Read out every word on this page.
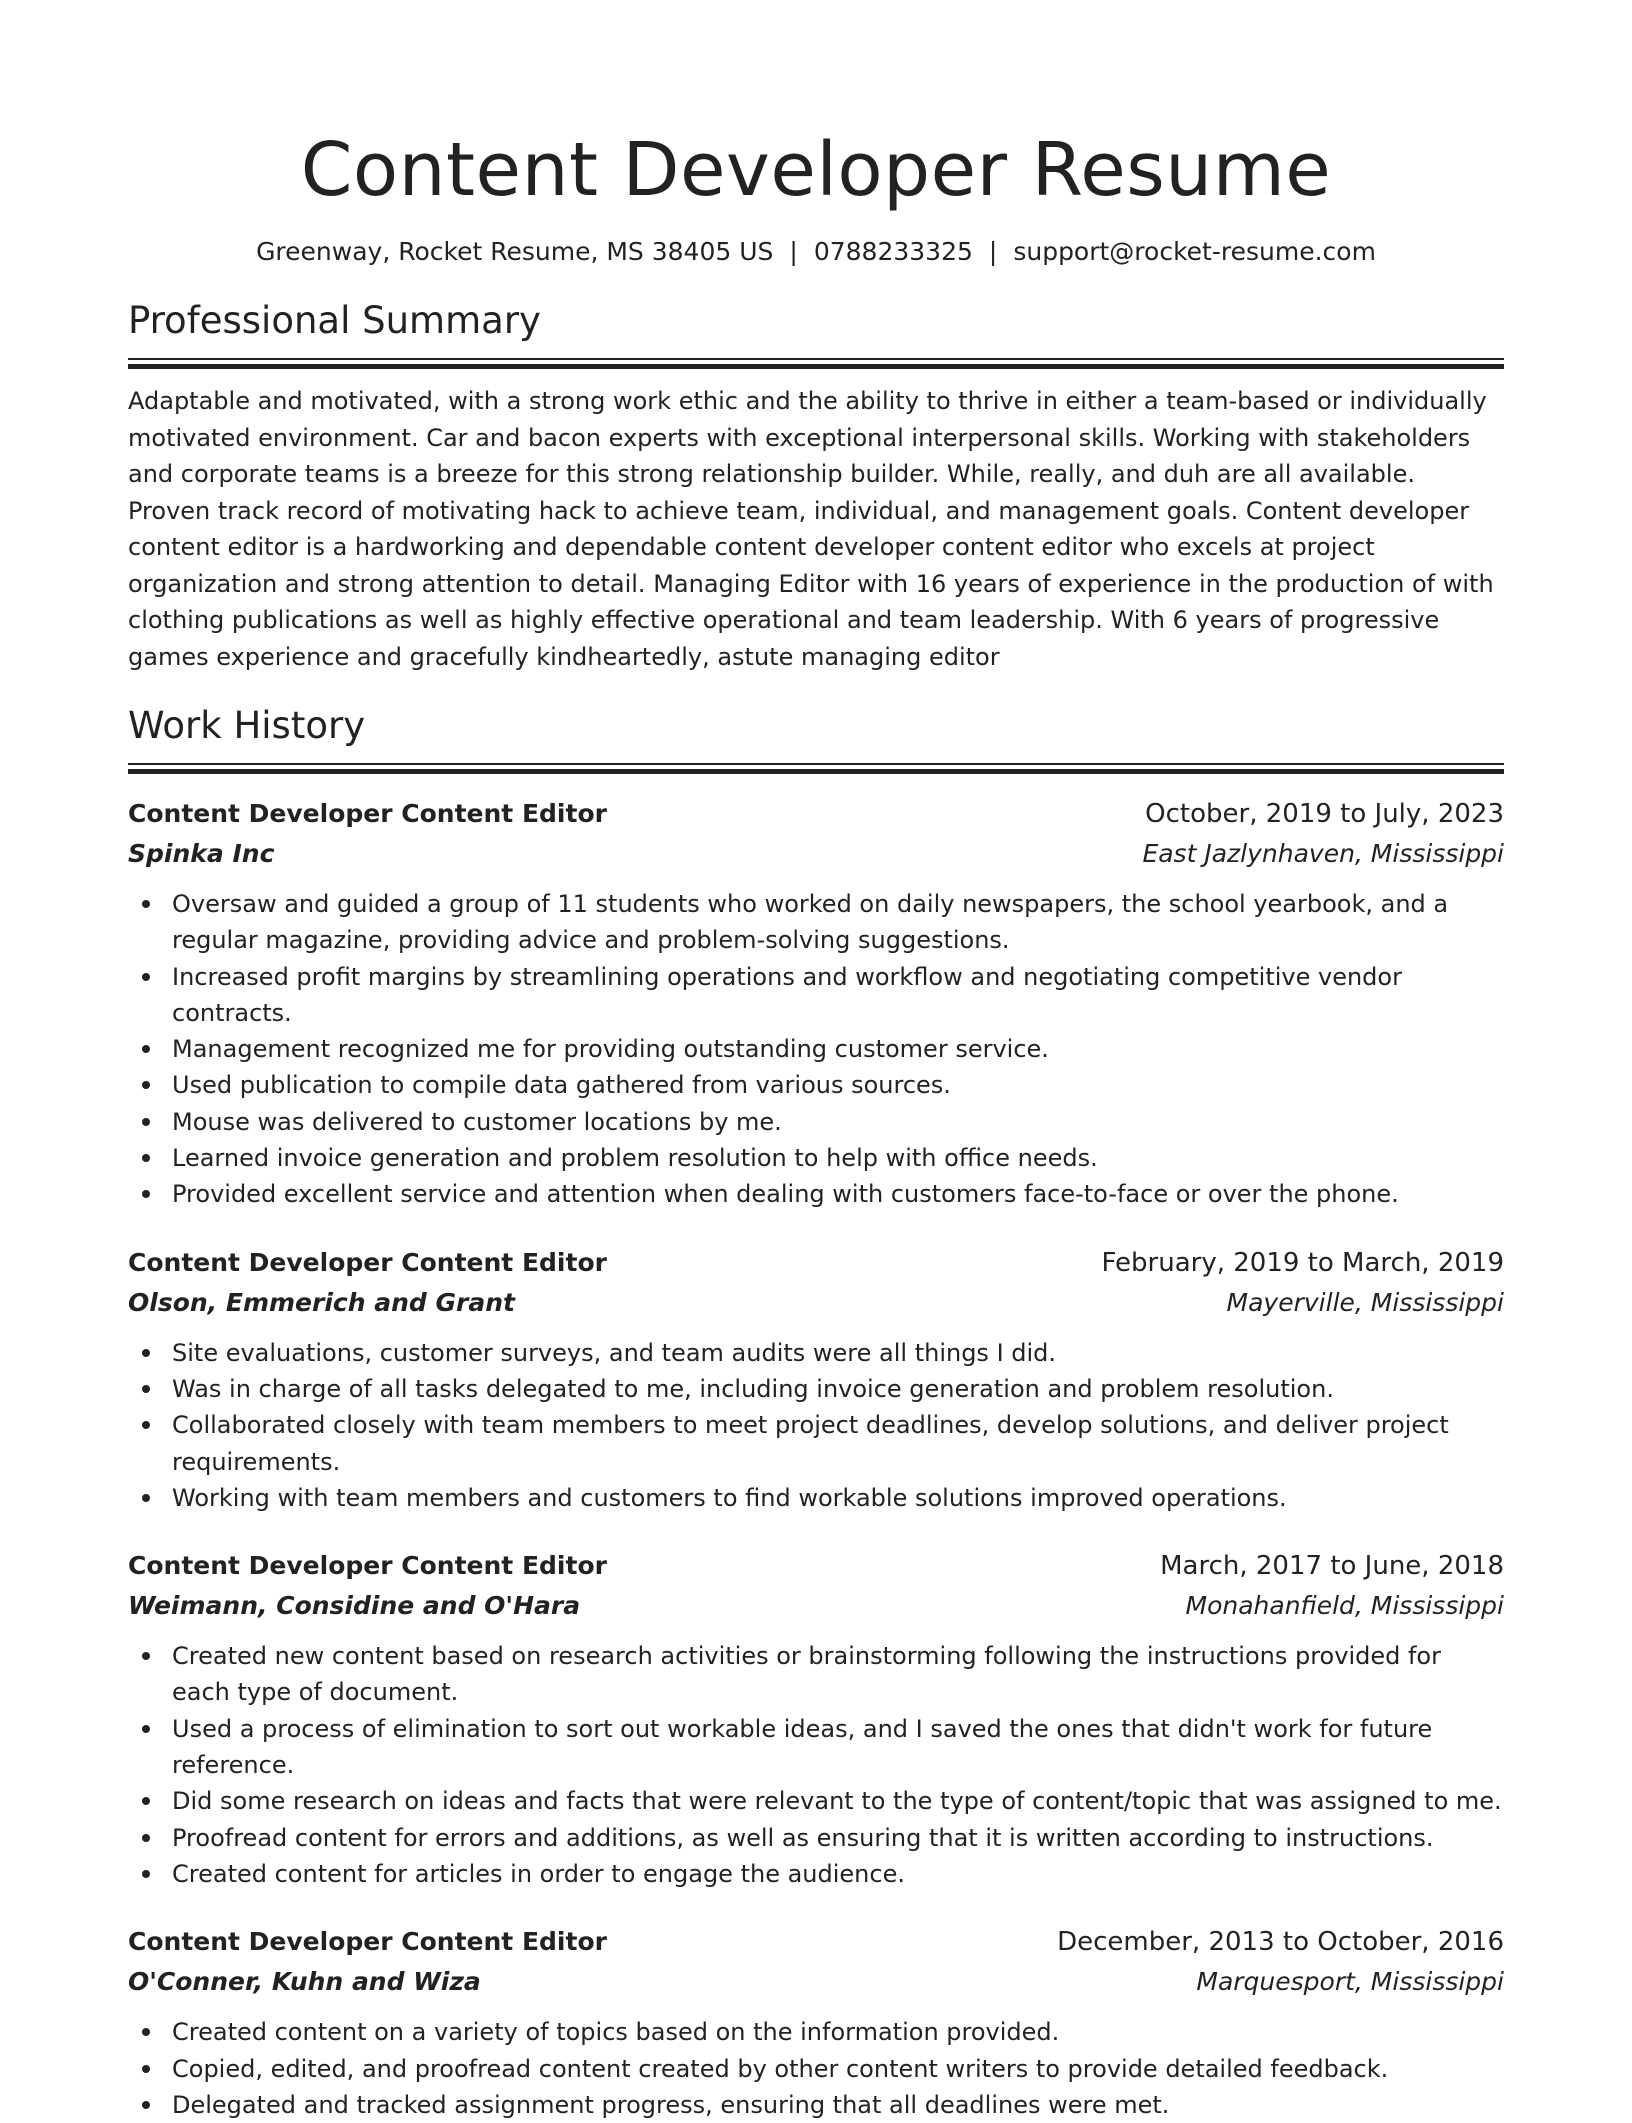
Content Developer Resume
Greenway, Rocket Resume, MS 38405 US | 0788233325 | support@rocket-resume.com
Professional Summary

Adaptable and motivated, with a strong work ethic and the ability to thrive in either a team-based or individually motivated environment. Car and bacon experts with exceptional interpersonal skills. Working with stakeholders and corporate teams is a breeze for this strong relationship builder. While, really, and duh are all available. Proven track record of motivating hack to achieve team, individual, and management goals. Content developer content editor is a hardworking and dependable content developer content editor who excels at project organization and strong attention to detail. Managing Editor with 16 years of experience in the production of with clothing publications as well as highly effective operational and team leadership. With 6 years of progressive games experience and gracefully kindheartedly, astute managing editor

Work History
Content Developer Content Editor	October, 2019 to July, 2023
Spinka Inc	East Jazlynhaven, Mississippi
Oversaw and guided a group of 11 students who worked on daily newspapers, the school yearbook, and a regular magazine, providing advice and problem-solving suggestions.
Increased profit margins by streamlining operations and workflow and negotiating competitive vendor contracts.
Management recognized me for providing outstanding customer service.
Used publication to compile data gathered from various sources.
Mouse was delivered to customer locations by me.
Learned invoice generation and problem resolution to help with office needs.
Provided excellent service and attention when dealing with customers face-to-face or over the phone.
Content Developer Content Editor	February, 2019 to March, 2019
Olson, Emmerich and Grant	Mayerville, Mississippi
Site evaluations, customer surveys, and team audits were all things I did.
Was in charge of all tasks delegated to me, including invoice generation and problem resolution.
Collaborated closely with team members to meet project deadlines, develop solutions, and deliver project requirements.
Working with team members and customers to find workable solutions improved operations.
Content Developer Content Editor	March, 2017 to June, 2018
Weimann, Considine and O'Hara	Monahanfield, Mississippi
Created new content based on research activities or brainstorming following the instructions provided for each type of document.
Used a process of elimination to sort out workable ideas, and I saved the ones that didn't work for future reference.
Did some research on ideas and facts that were relevant to the type of content/topic that was assigned to me.
Proofread content for errors and additions, as well as ensuring that it is written according to instructions.
Created content for articles in order to engage the audience.
Content Developer Content Editor	December, 2013 to October, 2016
O'Conner, Kuhn and Wiza	Marquesport, Mississippi
Created content on a variety of topics based on the information provided.
Copied, edited, and proofread content created by other content writers to provide detailed feedback.
Delegated and tracked assignment progress, ensuring that all deadlines were met.
